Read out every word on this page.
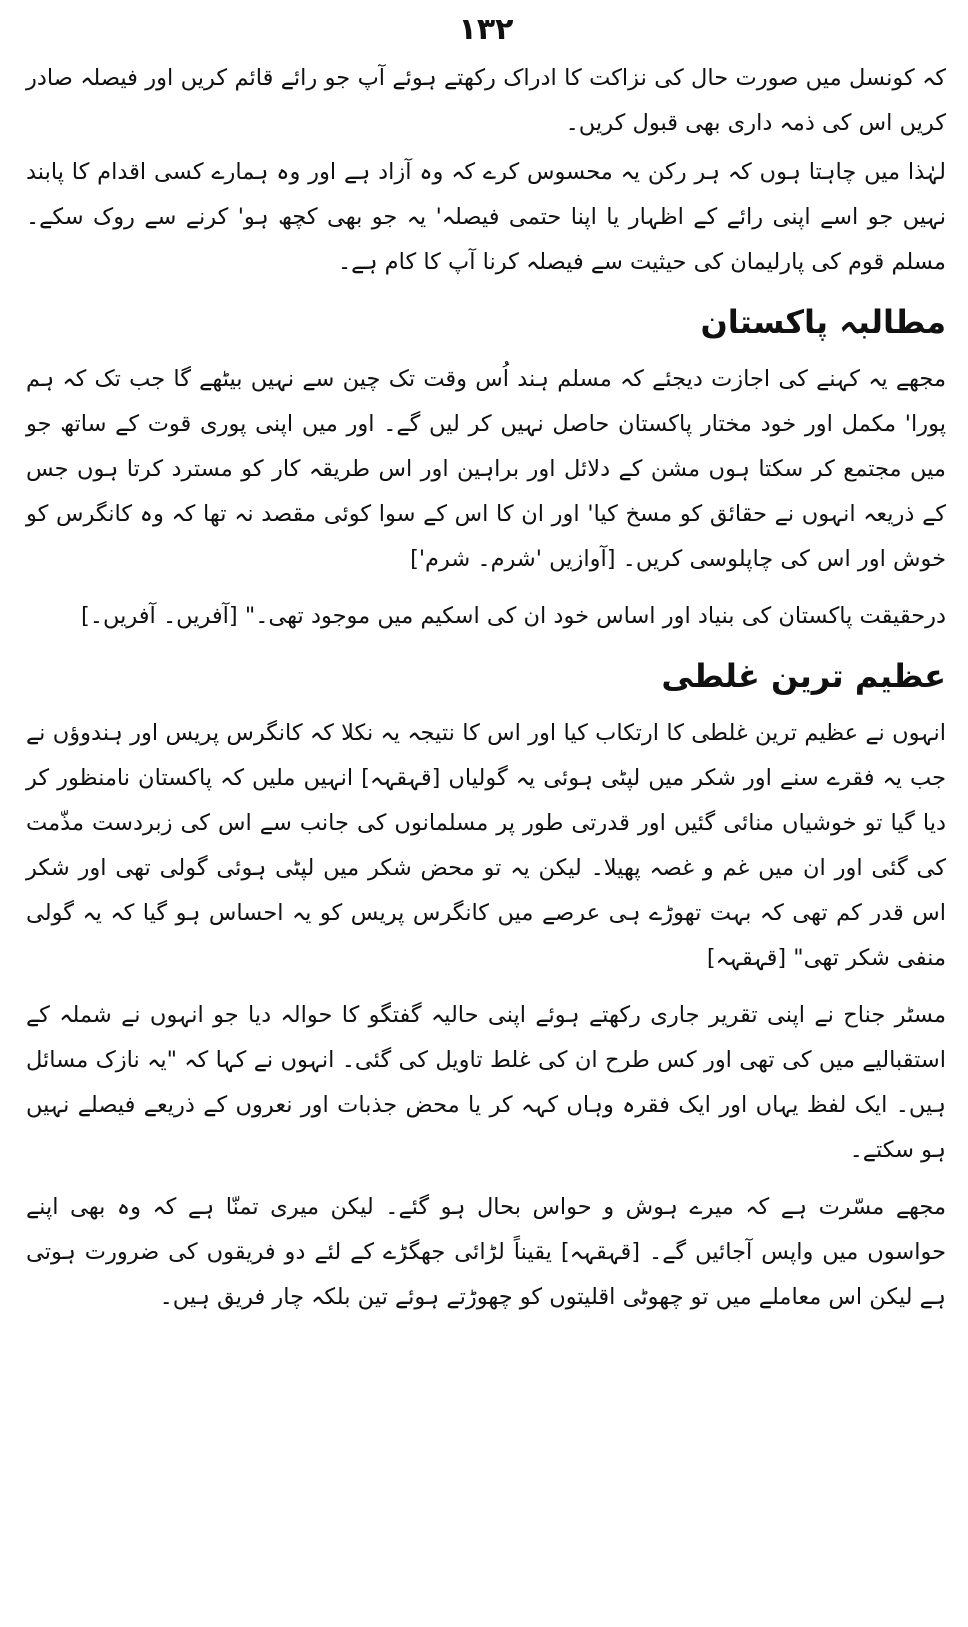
۱۳۲

کہ کونسل میں صورت حال کی نزاکت کا ادراک رکھتے ہوئے آپ جو رائے قائم کریں اور فیصلہ صادر کریں اس کی ذمہ داری بھی قبول کریں۔

لہٰذا میں چاہتا ہوں کہ ہر رکن یہ محسوس کرے کہ وہ آزاد ہے اور وہ ہمارے کسی اقدام کا پابند نہیں جو اسے اپنی رائے کے اظہار یا اپنا حتمی فیصلہ' یہ جو بھی کچھ ہو' کرنے سے روک سکے۔ مسلم قوم کی پارلیمان کی حیثیت سے فیصلہ کرنا آپ کا کام ہے۔

مطالبہ پاکستان

مجھے یہ کہنے کی اجازت دیجئے کہ مسلم ہند اُس وقت تک چین سے نہیں بیٹھے گا جب تک کہ ہم پورا' مکمل اور خود مختار پاکستان حاصل نہیں کر لیں گے۔ اور میں اپنی پوری قوت کے ساتھ جو میں مجتمع کر سکتا ہوں مشن کے دلائل اور براہین اور اس طریقہ کار کو مسترد کرتا ہوں جس کے ذریعہ انہوں نے حقائق کو مسخ کیا' اور ان کا اس کے سوا کوئی مقصد نہ تھا کہ وہ کانگرس کو خوش اور اس کی چاپلوسی کریں۔ [آوازیں 'شرم۔ شرم']

درحقیقت پاکستان کی بنیاد اور اساس خود ان کی اسکیم میں موجود تھی۔" [آفریں۔ آفریں۔]

عظیم ترین غلطی

انہوں نے عظیم ترین غلطی کا ارتکاب کیا اور اس کا نتیجہ یہ نکلا کہ کانگرس پریس اور ہندوؤں نے جب یہ فقرے سنے اور شکر میں لپٹی ہوئی یہ گولیاں [قہقہہ] انہیں ملیں کہ پاکستان نامنظور کر دیا گیا تو خوشیاں منائی گئیں اور قدرتی طور پر مسلمانوں کی جانب سے اس کی زبردست مذّمت کی گئی اور ان میں غم و غصہ پھیلا۔ لیکن یہ تو محض شکر میں لپٹی ہوئی گولی تھی اور شکر اس قدر کم تھی کہ بہت تھوڑے ہی عرصے میں کانگرس پریس کو یہ احساس ہو گیا کہ یہ گولی منفی شکر تھی" [قہقہہ]

مسٹر جناح نے اپنی تقریر جاری رکھتے ہوئے اپنی حالیہ گفتگو کا حوالہ دیا جو انہوں نے شملہ کے استقبالیے میں کی تھی اور کس طرح ان کی غلط تاویل کی گئی۔ انہوں نے کہا کہ "یہ نازک مسائل ہیں۔ ایک لفظ یہاں اور ایک فقرہ وہاں کہہ کر یا محض جذبات اور نعروں کے ذریعے فیصلے نہیں ہو سکتے۔

مجھے مسّرت ہے کہ میرے ہوش و حواس بحال ہو گئے۔ لیکن میری تمنّا ہے کہ وہ بھی اپنے حواسوں میں واپس آجائیں گے۔ [قہقہہ] یقیناً لڑائی جھگڑے کے لئے دو فریقوں کی ضرورت ہوتی ہے لیکن اس معاملے میں تو چھوٹی اقلیتوں کو چھوڑتے ہوئے تین بلکہ چار فریق ہیں۔
